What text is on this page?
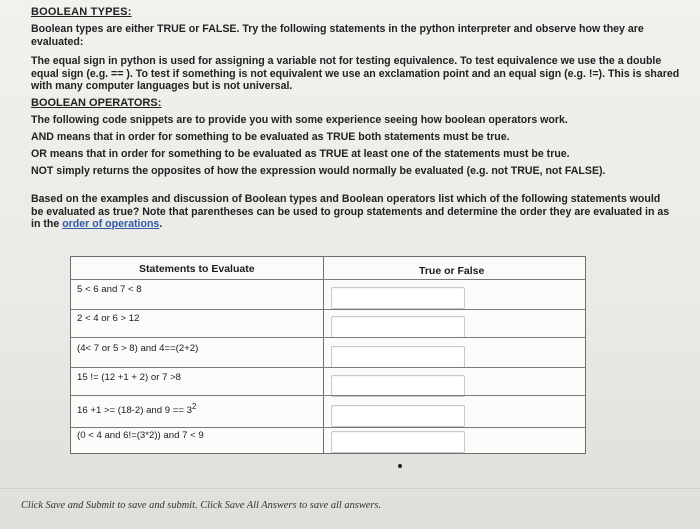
BOOLEAN TYPES:
Boolean types are either TRUE or FALSE. Try the following statements in the python interpreter and observe how they are evaluated:
The equal sign in python is used for assigning a variable not for testing equivalence. To test equivalence we use the a double equal sign (e.g. == ). To test if something is not equivalent we use an exclamation point and an equal sign (e.g. !=). This is shared with many computer languages but is not universal.
BOOLEAN OPERATORS:
The following code snippets are to provide you with some experience seeing how boolean operators work.
AND means that in order for something to be evaluated as TRUE both statements must be true.
OR means that in order for something to be evaluated as TRUE at least one of the statements must be true.
NOT simply returns the opposites of how the expression would normally be evaluated (e.g. not TRUE, not FALSE).
Based on the examples and discussion of Boolean types and Boolean operators list which of the following statements would be evaluated as true? Note that parentheses can be used to group statements and determine the order they are evaluated in as in the order of operations.
Statements to Evaluate	True or False
5 < 6 and 7 < 8
2 < 4 or 6 > 12
(4< 7 or 5 > 8) and 4==(2+2)
15 != (12 +1 + 2) or 7 >8
16 +1 >= (18-2) and $9 == 3^2$
(0 < 4 and 6!=(3*2)) and 7 < 9
Click Save and Submit to save and submit. Click Save All Answers to save all answers.
